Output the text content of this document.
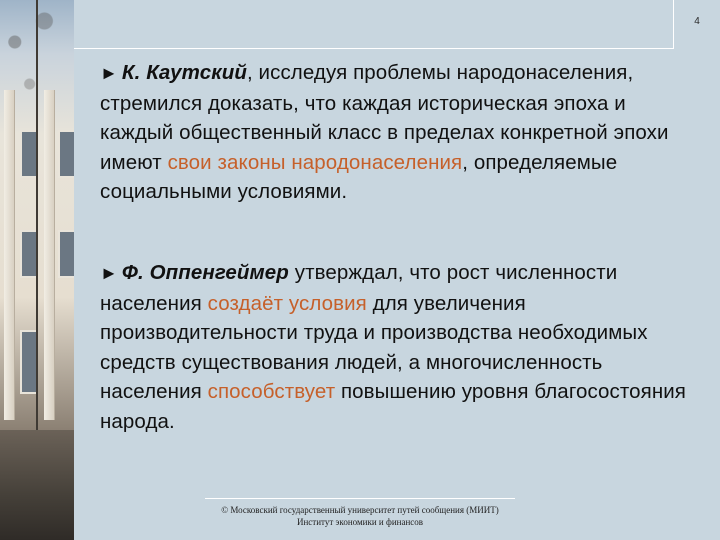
4
► К. Каутский, исследуя проблемы народонаселения, стремился доказать, что каждая историческая эпоха и каждый общественный класс в пределах конкретной эпохи имеют свои законы народонаселения, определяемые социальными условиями.
► Ф. Оппенгеймер утверждал, что рост численности населения создаёт условия для увеличения производительности труда и производства необходимых средств существования людей, а многочисленность населения способствует повышению уровня благосостояния народа.
© Московский государственный университет путей сообщения (МИИТ)
Институт экономики и финансов
